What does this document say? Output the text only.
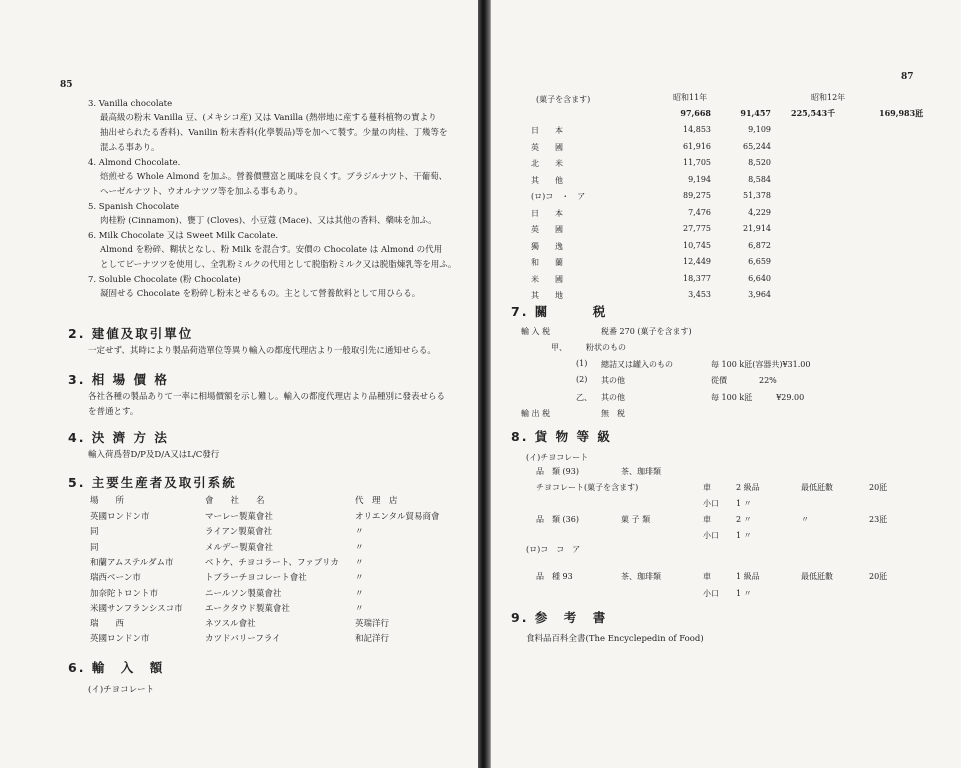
85
3. Vanilla chocolate
最高級の粉末 Vanilla 豆、(メキシコ産) 又は Vanilla (熱帯地に産する蔓科植物の實より
抽出せられたる香料)、Vanilin 粉末香料(化學製品)等を加へて製す。少量の肉桂、丁幾等を
混ふる事あり。
4. Almond Chocolate.
焙煎せる Whole Almond を加ふ。營養價豐富と風味を良くす。ブラジルナツト、干葡萄、
ヘーゼルナツト、ウオルナツツ等を加ふる事もあり。
5. Spanish Chocolate
肉桂粉 (Cinnamon)、甕丁 (Cloves)、小豆蔻 (Mace)、又は其他の香料、藥味を加ふ。
6. Milk Chocolate 又は Sweet Milk Cacolate.
Almond を粉碎、糊状となし、粉 Milk を混合す。安價の Chocolate は Almond の代用
としてピーナツツを使用し、全乳粉ミルクの代用として脱脂粉ミルク又は脱脂煉乳等を用ふ。
7. Soluble Chocolate (粉 Chocolate)
凝固せる Chocolate を粉碎し粉末とせるもの。主として營養飲料として用ひらる。
2. 建値及取引單位
一定せず、其時により製品荷造單位等異り輸入の都度代理店より一般取引先に通知せらる。
3. 相 場 價 格
各社各種の製品ありて一率に相場價額を示し難し。輸入の都度代理店より品種別に發表せらる
を普通とす。
4. 決 濟 方 法
輸入荷爲替D/P及D/A又はL/C發行
5. 主要生産者及取引系統
場　　所	會　　社　　名	代　理　店
英國ロンドン市	マーレー製菓會社	オリエンタル貿易商會
同	ライアン製菓會社	〃
同	メルデー製菓會社	〃
和蘭アムステルダム市	ベトケ、チヨコラート、ファブリカ 〃
瑞西ベーン市	トブラーチヨコレート會社	〃
加奈陀トロント市	ニールソン製菓會社	〃
米國サンフランシスコ市	エークタウド製菓會社	〃
瑞　　西	ネツスル會社	英瑞洋行
英國ロンドン市	カツドバリーフライ	和記洋行
6. 輸　入　額
(イ)チヨコレート
87
(菓子を含ます)	昭和11年	昭和12年
97,668	91,457	225,543千	169,983瓩
日　　本	14,853	9,109
英　　國	61,916	65,244
北　　米	11,705	8,520
其　　他	9,194	8,584
(ロ)コ　・　ア	89,275	51,378
日　　本	7,476	4,229
英　　國	27,775	21,914
獨　　逸	10,745	6,872
和　　蘭	12,449	6,659
米　　國	18,377	6,640
其　　地	3,453	3,964
7. 關　　　税
輸 入 税	税番 270 (菓子を含ます)
甲、 粉状のもの
(1) 總詰又は罐入のもの	毎 100 k瓩(容器共)¥31.00
(2) 其の他	從價　　　　22%
乙、 其の他	毎 100 k瓩　　　¥29.00
輸 出 税	無　税
8. 貨 物 等 級
(イ)チヨコレート
品　類 (93)	茶、珈琲類
チヨコレート(菓子を含ます)	車	2 級品	最低瓩數	20瓩
小口 1 〃
品　類 (36)	菓 子 類	車	2 〃	〃	23瓩
小口 1 〃
(ロ)コ　コ　ア
品　種 93	茶、珈琲類	車	1 級品	最低瓩數	20瓩
小口 1 〃
9. 参　考　書
食料品百科全書(The Encyclepedin of Food)
